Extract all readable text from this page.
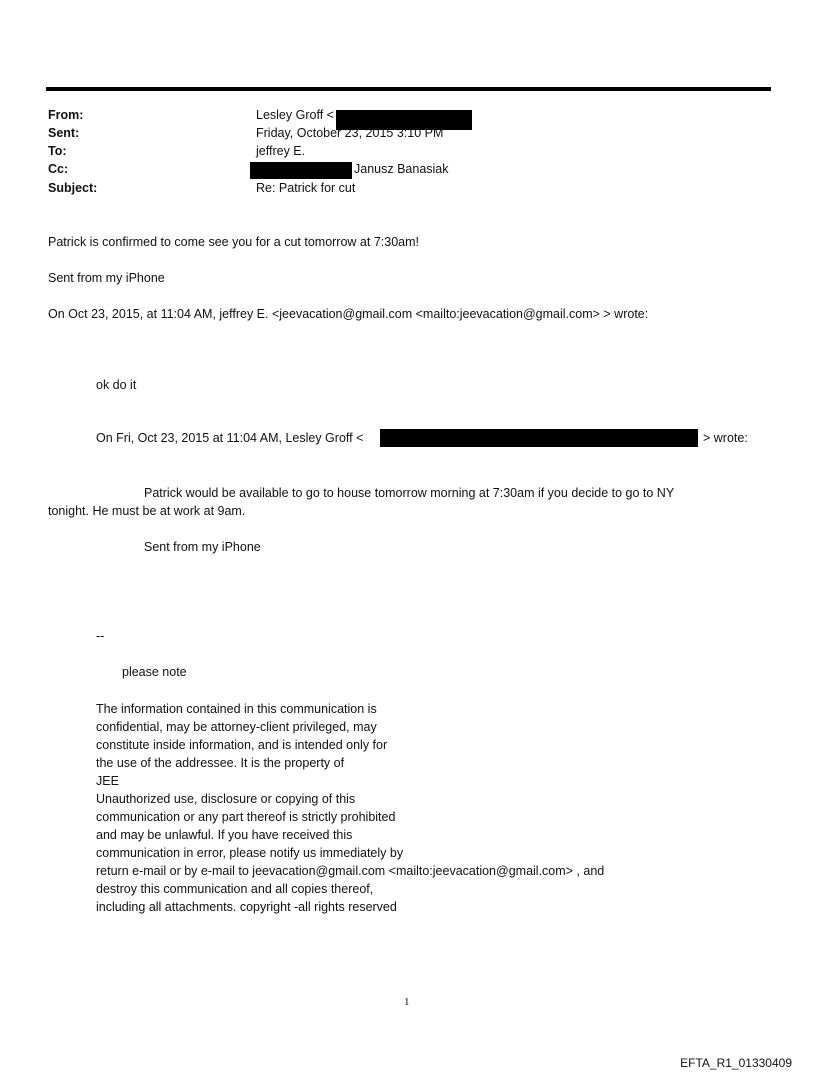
From:	Lesley Groff <
Sent:	Friday, October 23, 2015 3:10 PM
To:	jeffrey E.
Cc:	Janusz Banasiak
Subject:	Re: Patrick for cut
Patrick is confirmed to come see you for a cut tomorrow at 7:30am!
Sent from my iPhone
On Oct 23, 2015, at 11:04 AM, jeffrey E. <jeevacation@gmail.com <mailto:jeevacation@gmail.com> > wrote:
ok do it
On Fri, Oct 23, 2015 at 11:04 AM, Lesley Groff <	> wrote:
Patrick would be available to go to house tomorrow morning at 7:30am if you decide to go to NY
tonight. He must be at work at 9am.
Sent from my iPhone
--
please note
The information contained in this communication is
confidential, may be attorney-client privileged, may
constitute inside information, and is intended only for
the use of the addressee. It is the property of
JEE
Unauthorized use, disclosure or copying of this
communication or any part thereof is strictly prohibited
and may be unlawful. If you have received this
communication in error, please notify us immediately by
return e-mail or by e-mail to jeevacation@gmail.com <mailto:jeevacation@gmail.com> , and
destroy this communication and all copies thereof,
including all attachments. copyright -all rights reserved
1
EFTA_R1_01330409
